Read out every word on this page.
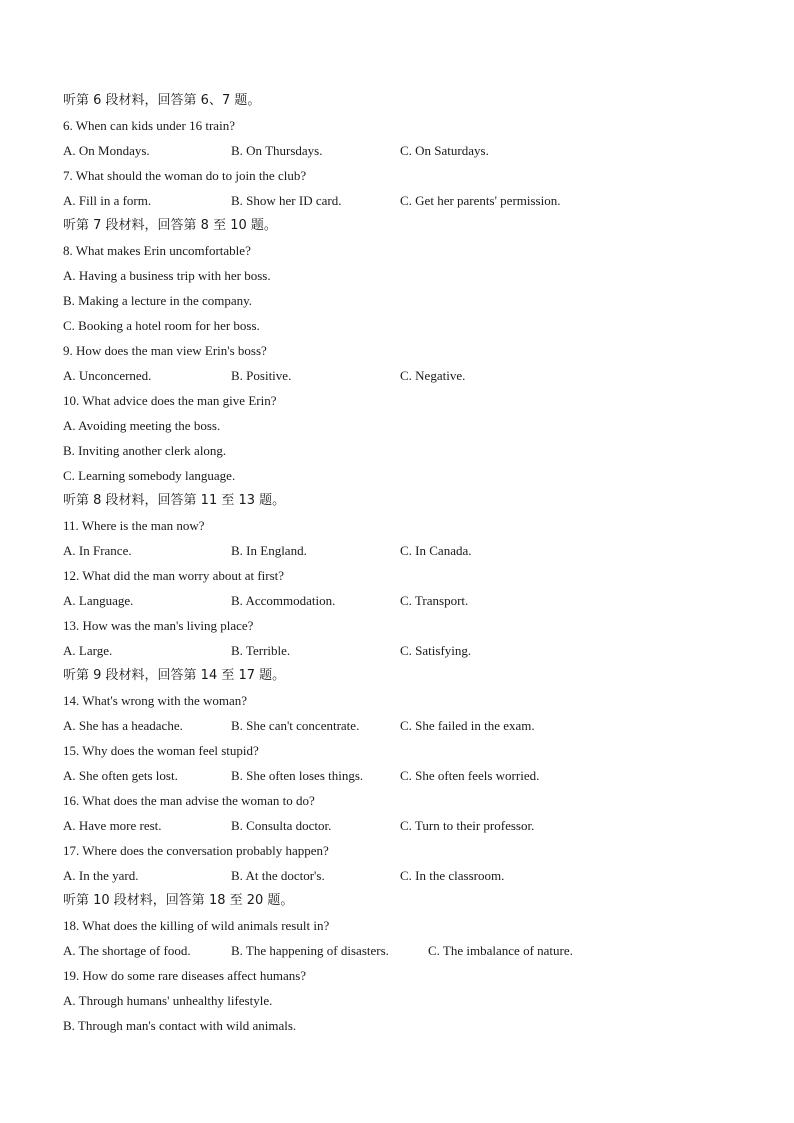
听第 6 段材料，回答第 6、7 题。
6. When can kids under 16 train?
A. On Mondays.	B. On Thursdays.	C. On Saturdays.
7. What should the woman do to join the club?
A. Fill in a form.	B. Show her ID card.	C. Get her parents' permission.
听第 7 段材料，回答第 8 至 10 题。
8. What makes Erin uncomfortable?
A. Having a business trip with her boss.
B. Making a lecture in the company.
C. Booking a hotel room for her boss.
9. How does the man view Erin's boss?
A. Unconcerned.	B. Positive.	C. Negative.
10. What advice does the man give Erin?
A. Avoiding meeting the boss.
B. Inviting another clerk along.
C. Learning somebody language.
听第 8 段材料，回答第 11 至 13 题。
11. Where is the man now?
A. In France.	B. In England.	C. In Canada.
12. What did the man worry about at first?
A. Language.	B. Accommodation.	C. Transport.
13. How was the man's living place?
A. Large.	B. Terrible.	C. Satisfying.
听第 9 段材料，回答第 14 至 17 题。
14. What's wrong with the woman?
A. She has a headache.	B. She can't concentrate.	C. She failed in the exam.
15. Why does the woman feel stupid?
A. She often gets lost.	B. She often loses things.	C. She often feels worried.
16. What does the man advise the woman to do?
A. Have more rest.	B. Consulta doctor.	C. Turn to their professor.
17. Where does the conversation probably happen?
A. In the yard.	B. At the doctor's.	C. In the classroom.
听第 10 段材料，回答第 18 至 20 题。
18. What does the killing of wild animals result in?
A. The shortage of food.	B. The happening of disasters.	C. The imbalance of nature.
19. How do some rare diseases affect humans?
A. Through humans' unhealthy lifestyle.
B. Through man's contact with wild animals.
